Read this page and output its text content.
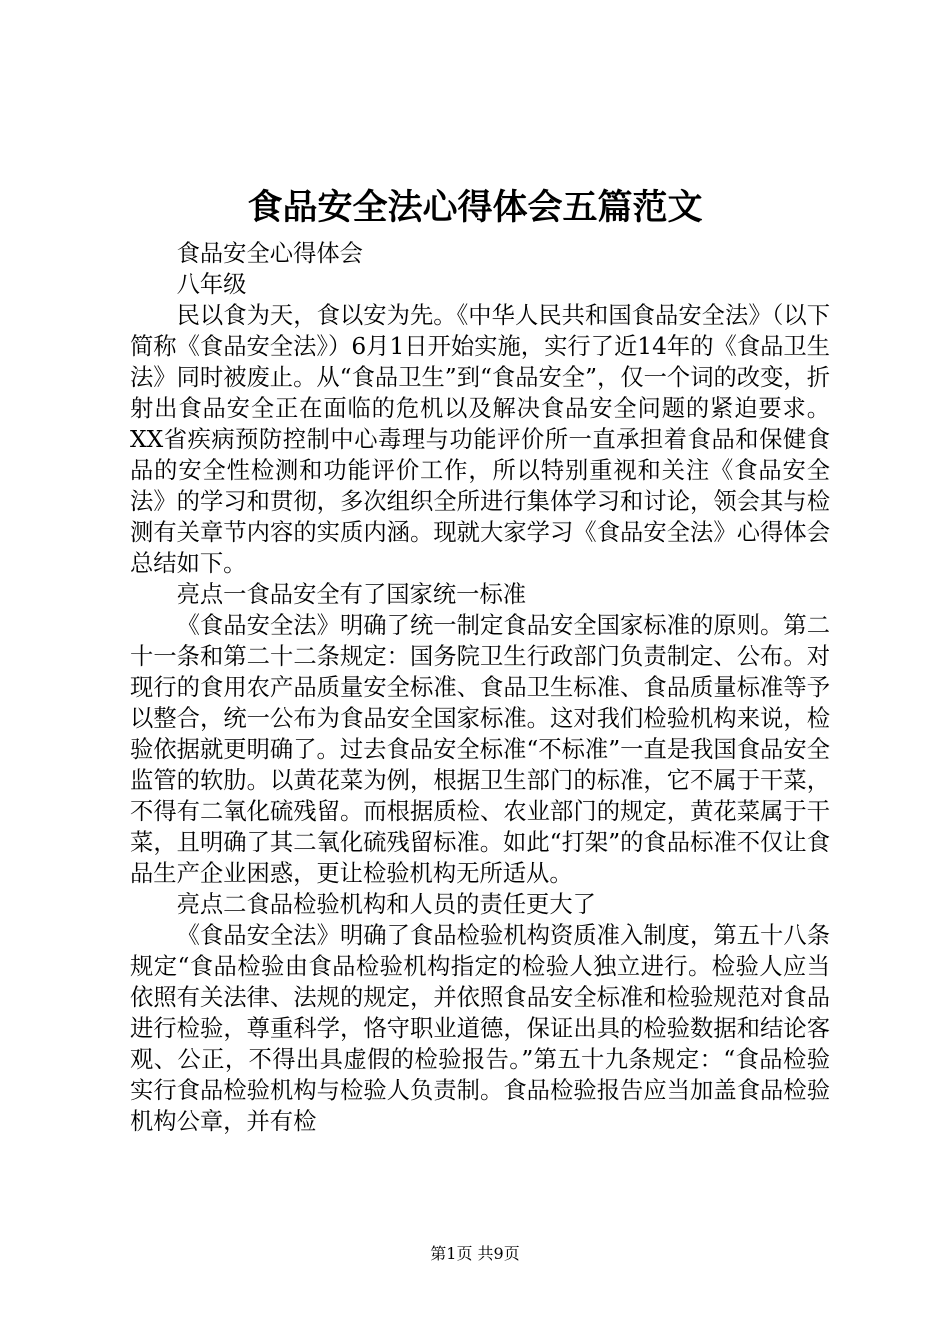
食品安全法心得体会五篇范文

食品安全心得体会

八年级

民以食为天，食以安为先。《中华人民共和国食品安全法》（以下简称《食品安全法》）6月1日开始实施，实行了近14年的《食品卫生法》同时被废止。从“食品卫生”到“食品安全”，仅一个词的改变，折射出食品安全正在面临的危机以及解决食品安全问题的紧迫要求。XX省疾病预防控制中心毒理与功能评价所一直承担着食品和保健食品的安全性检测和功能评价工作，所以特别重视和关注《食品安全法》的学习和贯彻，多次组织全所进行集体学习和讨论，领会其与检测有关章节内容的实质内涵。现就大家学习《食品安全法》心得体会总结如下。

亮点一食品安全有了国家统一标准

《食品安全法》明确了统一制定食品安全国家标准的原则。第二十一条和第二十二条规定：国务院卫生行政部门负责制定、公布。对现行的食用农产品质量安全标准、食品卫生标准、食品质量标准等予以整合，统一公布为食品安全国家标准。这对我们检验机构来说，检验依据就更明确了。过去食品安全标准“不标准”一直是我国食品安全监管的软肋。以黄花菜为例，根据卫生部门的标准，它不属于干菜，不得有二氧化硫残留。而根据质检、农业部门的规定，黄花菜属于干菜，且明确了其二氧化硫残留标准。如此“打架”的食品标准不仅让食品生产企业困惑，更让检验机构无所适从。

亮点二食品检验机构和人员的责任更大了

《食品安全法》明确了食品检验机构资质准入制度，第五十八条规定“食品检验由食品检验机构指定的检验人独立进行。检验人应当依照有关法律、法规的规定，并依照食品安全标准和检验规范对食品进行检验，尊重科学，恪守职业道德，保证出具的检验数据和结论客观、公正，不得出具虚假的检验报告。”第五十九条规定：“食品检验实行食品检验机构与检验人负责制。食品检验报告应当加盖食品检验机构公章，并有检

第1页 共9页
